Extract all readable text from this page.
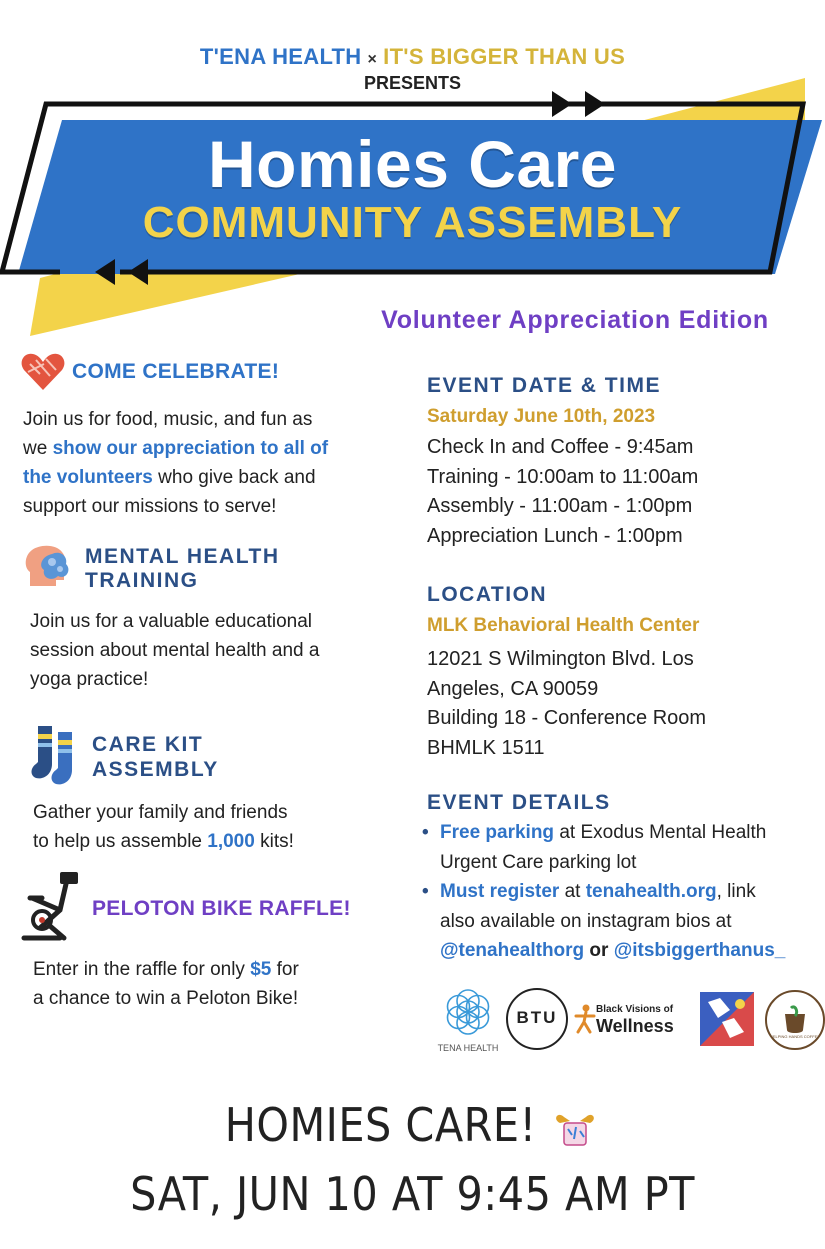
T'ENA HEALTH × IT'S BIGGER THAN US
PRESENTS
Homies Care
COMMUNITY ASSEMBLY
Volunteer Appreciation Edition
COME CELEBRATE!
Join us for food, music, and fun as
we show our appreciation to all of
the volunteers who give back and
support our missions to serve!
MENTAL HEALTH
TRAINING
Join us for a valuable educational
session about mental health and a
yoga practice!
CARE KIT
ASSEMBLY
Gather your family and friends
to help us assemble 1,000 kits!
PELOTON BIKE RAFFLE!
Enter in the raffle for only $5 for
a chance to win a Peloton Bike!
EVENT DATE & TIME
Saturday June 10th, 2023
Check In and Coffee - 9:45am
Training - 10:00am to 11:00am
Assembly - 11:00am - 1:00pm
Appreciation Lunch - 1:00pm
LOCATION
MLK Behavioral Health Center
12021 S Wilmington Blvd. Los
Angeles, CA 90059
Building 18 - Conference Room
BHMLK 1511
EVENT DETAILS
• Free parking at Exodus Mental Health
Urgent Care parking lot
• Must register at tenahealth.org, link
also available on instagram bios at
@tenahealthorg or @itsbiggerthanus_
TENA HEALTH
BTU	Black Visions of
Wellness
HELPING HANDS COFFEE
HOMIES CARE!
SAT, JUN 10 AT 9:45 AM PT
